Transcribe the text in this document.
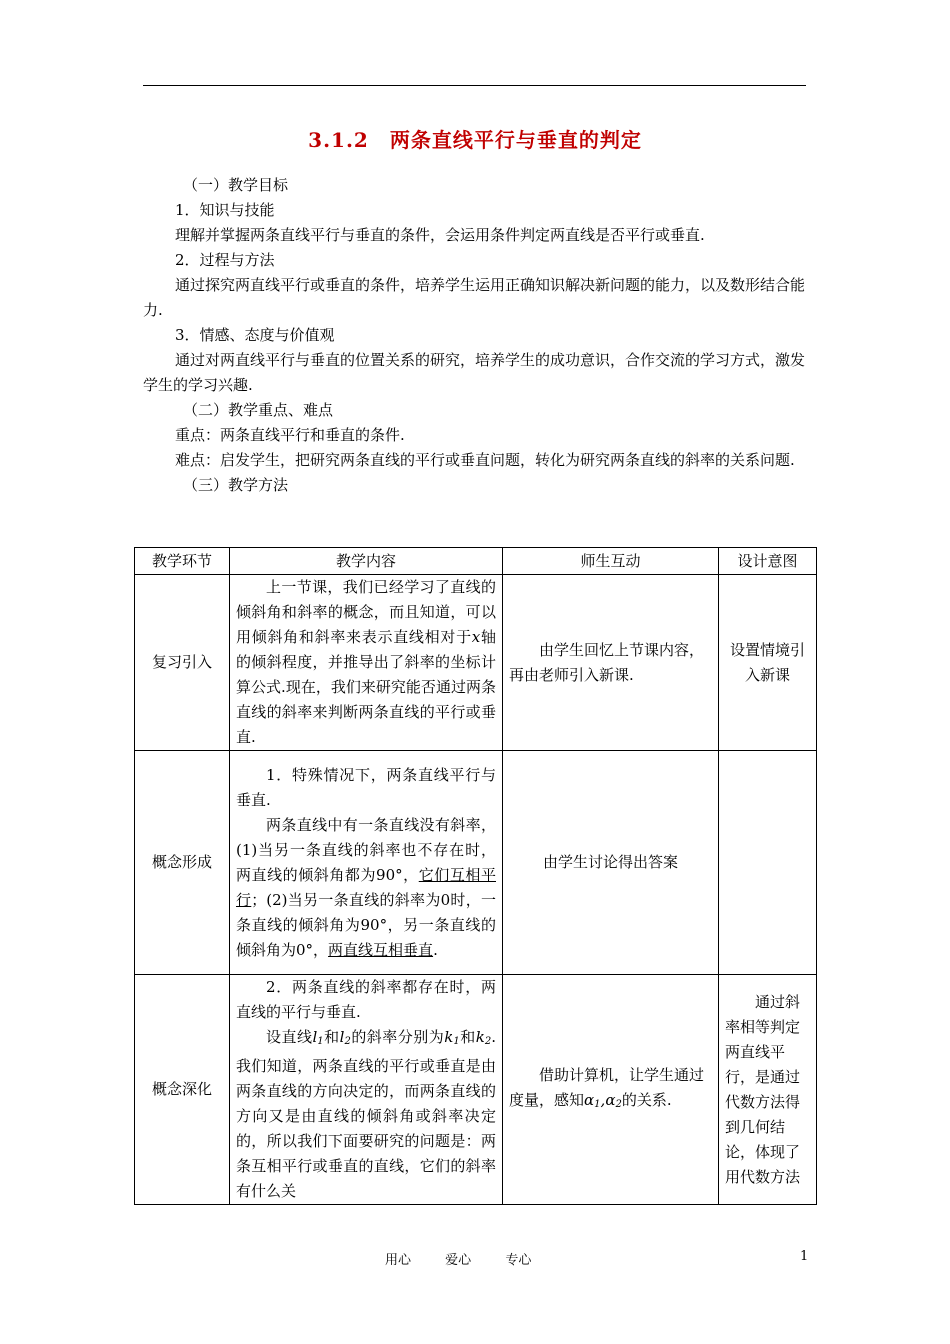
3.1.2　两条直线平行与垂直的判定

（一）教学目标

1．知识与技能

理解并掌握两条直线平行与垂直的条件，会运用条件判定两直线是否平行或垂直.

2．过程与方法

通过探究两直线平行或垂直的条件，培养学生运用正确知识解决新问题的能力，以及数形结合能力.

3．情感、态度与价值观

通过对两直线平行与垂直的位置关系的研究，培养学生的成功意识，合作交流的学习方式，激发学生的学习兴趣.

（二）教学重点、难点

重点：两条直线平行和垂直的条件.

难点：启发学生，把研究两条直线的平行或垂直问题，转化为研究两条直线的斜率的关系问题.

（三）教学方法

教学环节	教学内容	师生互动	设计意图
复习引入	上一节课，我们已经学习了直线的倾斜角和斜率的概念，而且知道，可以用倾斜角和斜率来表示直线相对于x轴的倾斜程度，并推导出了斜率的坐标计算公式.现在，我们来研究能否通过两条直线的斜率来判断两条直线的平行或垂直.	由学生回忆上节课内容，再由老师引入新课.	设置情境引入新课
概念形成	1．特殊情况下，两条直线平行与垂直.

两条直线中有一条直线没有斜率，(1)当另一条直线的斜率也不存在时，两直线的倾斜角都为90°，它们互相平行；(2)当另一条直线的斜率为0时，一条直线的倾斜角为90°，另一条直线的倾斜角为0°，两直线互相垂直.	由学生讨论得出答案	
概念深化	2．两条直线的斜率都存在时，两直线的平行与垂直.

设直线$l_1$和$l_2$的斜率分别为$k_1$和$k_2$.我们知道，两条直线的平行或垂直是由两条直线的方向决定的，而两条直线的方向又是由直线的倾斜角或斜率决定的，所以我们下面要研究的问题是：两条互相平行或垂直的直线，它们的斜率有什么关	借助计算机，让学生通过度量，感知$\alpha_1,\alpha_2$的关系.	通过斜率相等判定两直线平行，是通过代数方法得到几何结论，体现了用代数方法

用心	爱心	专心	1
